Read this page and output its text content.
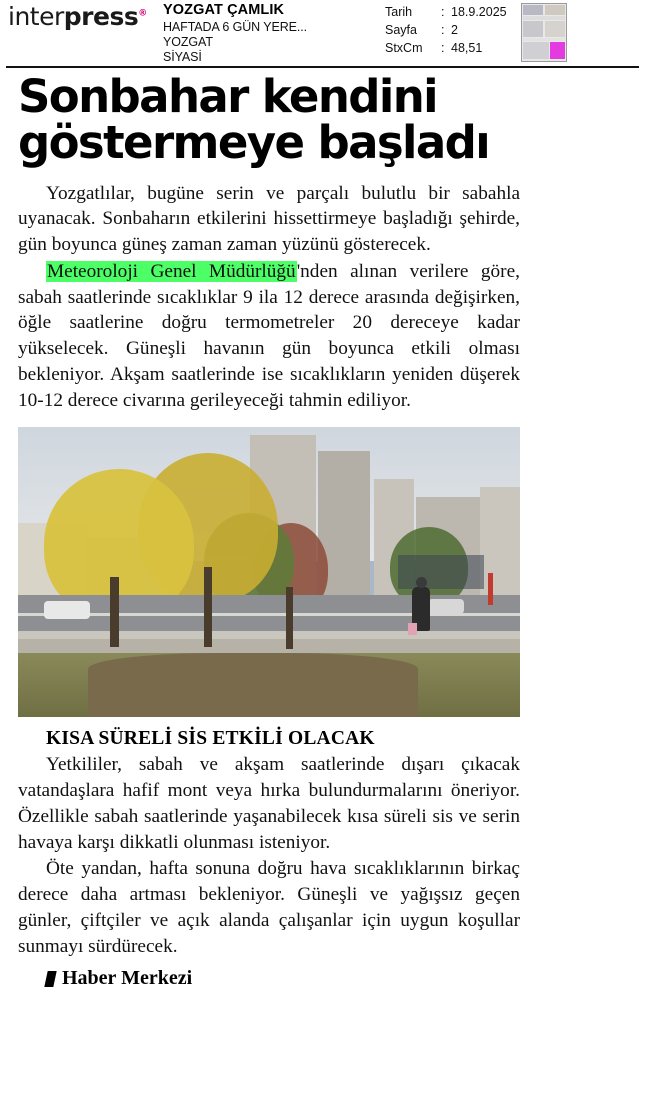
interpress® YOZGAT ÇAMLIK
HAFTADA 6 GÜN YERE...
YOZGAT
SİYASİ
Tarih	: 18.9.2025
Sayfa	: 2
StxCm	: 48,51
Sonbahar kendini
göstermeye başladı

Yozgatlılar, bugüne serin ve parçalı bulutlu bir sabahla uyanacak. Sonbaharın etkilerini hissettirmeye başladığı şehirde, gün boyunca güneş zaman zaman yüzünü gösterecek.

Meteoroloji Genel Müdürlüğü'nden alınan verilere göre, sabah saatlerinde sıcaklıklar 9 ila 12 derece arasında değişirken, öğle saatlerine doğru termometreler 20 dereceye kadar yükselecek. Güneşli havanın gün boyunca etkili olması bekleniyor. Akşam saatlerinde ise sıcaklıkların yeniden düşerek 10-12 derece civarına gerileyeceği tahmin ediliyor.

KISA SÜRELİ SİS ETKİLİ OLACAK

Yetkililer, sabah ve akşam saatlerinde dışarı çıkacak vatandaşlara hafif mont veya hırka bulundurmalarını öneriyor. Özellikle sabah saatlerinde yaşanabilecek kısa süreli sis ve serin havaya karşı dikkatli olunması isteniyor.

Öte yandan, hafta sonuna doğru hava sıcaklıklarının birkaç derece daha artması bekleniyor. Güneşli ve yağışsız geçen günler, çiftçiler ve açık alanda çalışanlar için uygun koşullar sunmayı sürdürecek.

Haber Merkezi
